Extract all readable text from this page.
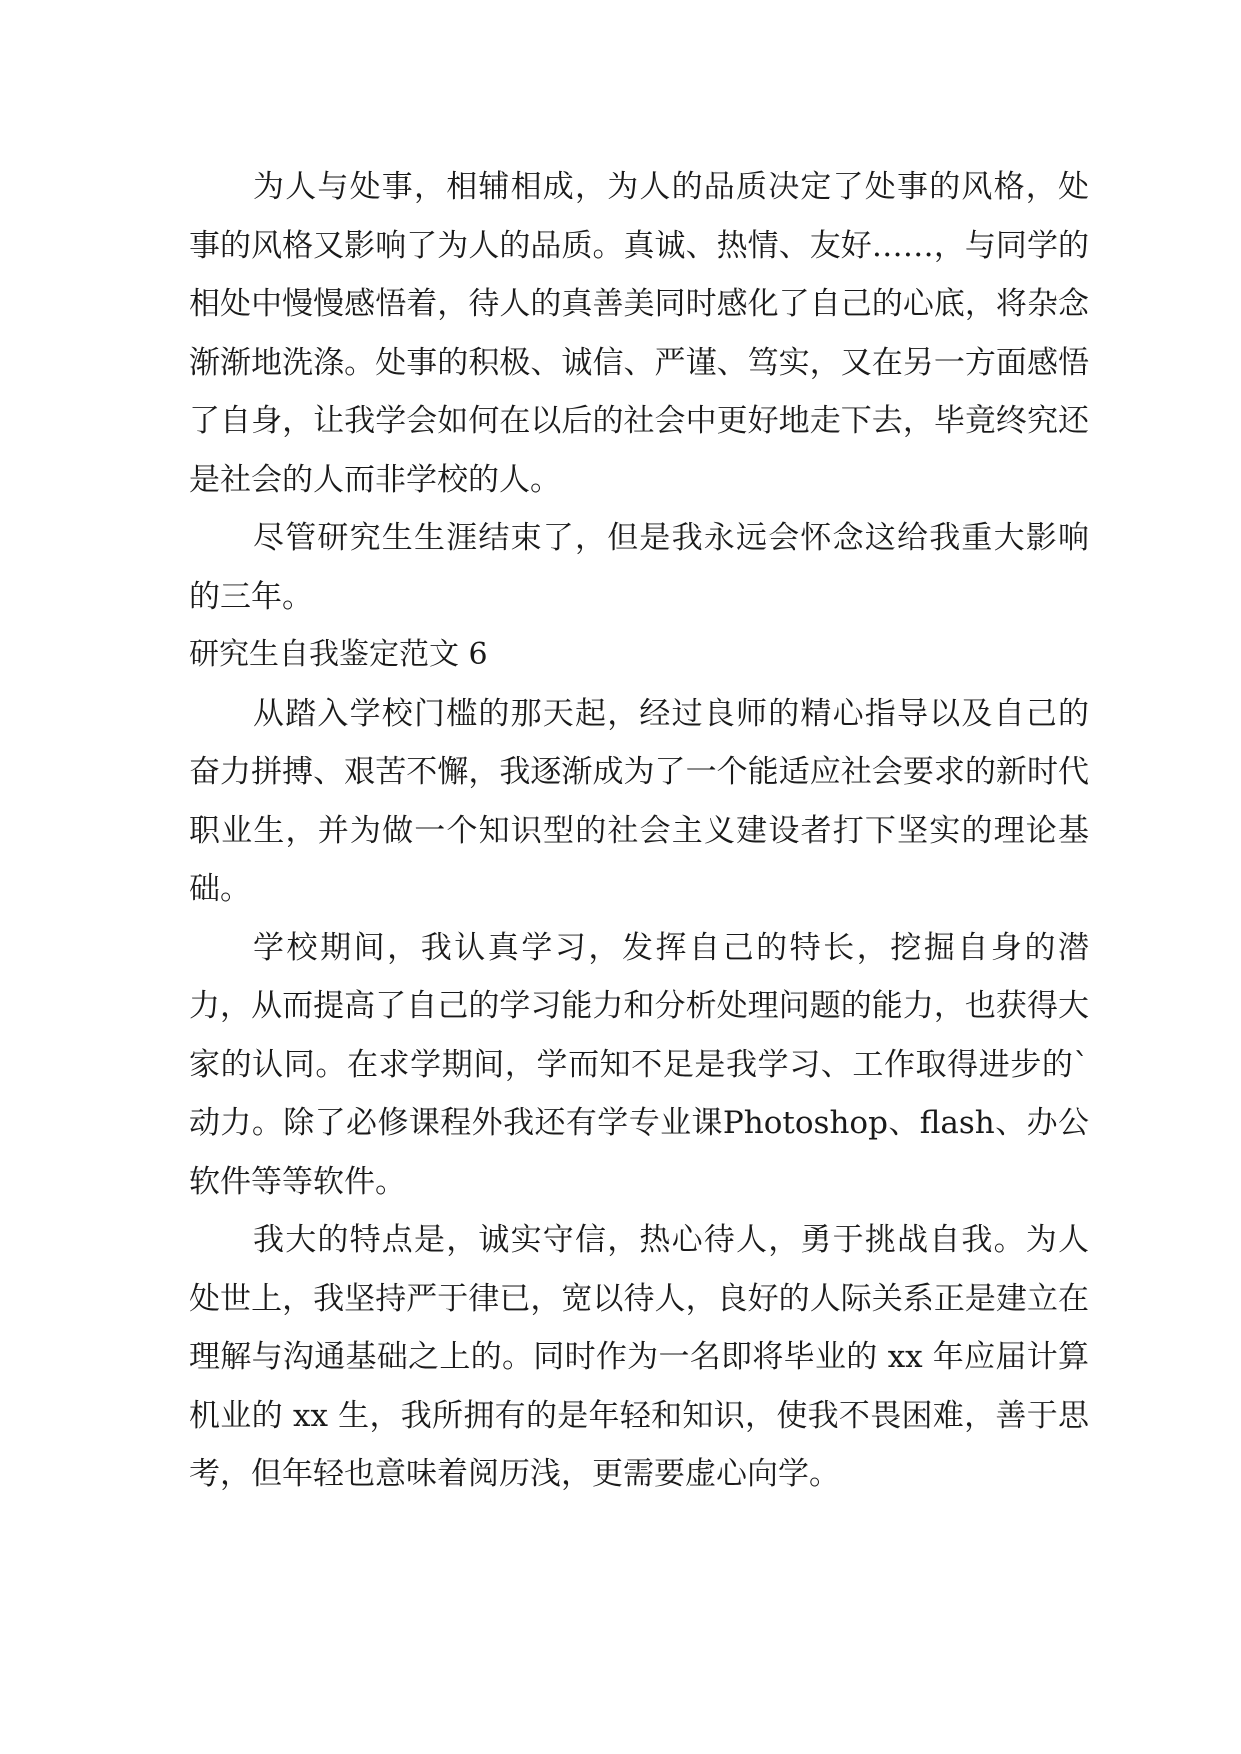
为人与处事，相辅相成，为人的品质决定了处事的风格，处事的风格又影响了为人的品质。真诚、热情、友好……，与同学的相处中慢慢感悟着，待人的真善美同时感化了自己的心底，将杂念渐渐地洗涤。处事的积极、诚信、严谨、笃实，又在另一方面感悟了自身，让我学会如何在以后的社会中更好地走下去，毕竟终究还是社会的人而非学校的人。

尽管研究生生涯结束了，但是我永远会怀念这给我重大影响的三年。

研究生自我鉴定范文 6

从踏入学校门槛的那天起，经过良师的精心指导以及自己的奋力拼搏、艰苦不懈，我逐渐成为了一个能适应社会要求的新时代职业生，并为做一个知识型的社会主义建设者打下坚实的理论基础。

学校期间，我认真学习，发挥自己的特长，挖掘自身的潜力，从而提高了自己的学习能力和分析处理问题的能力，也获得大家的认同。在求学期间，学而知不足是我学习、工作取得进步的`动力。除了必修课程外我还有学专业课Photoshop、flash、办公软件等等软件。

我大的特点是，诚实守信，热心待人，勇于挑战自我。为人处世上，我坚持严于律已，宽以待人，良好的人际关系正是建立在理解与沟通基础之上的。同时作为一名即将毕业的 xx 年应届计算机业的 xx 生，我所拥有的是年轻和知识，使我不畏困难，善于思考，但年轻也意味着阅历浅，更需要虚心向学。
